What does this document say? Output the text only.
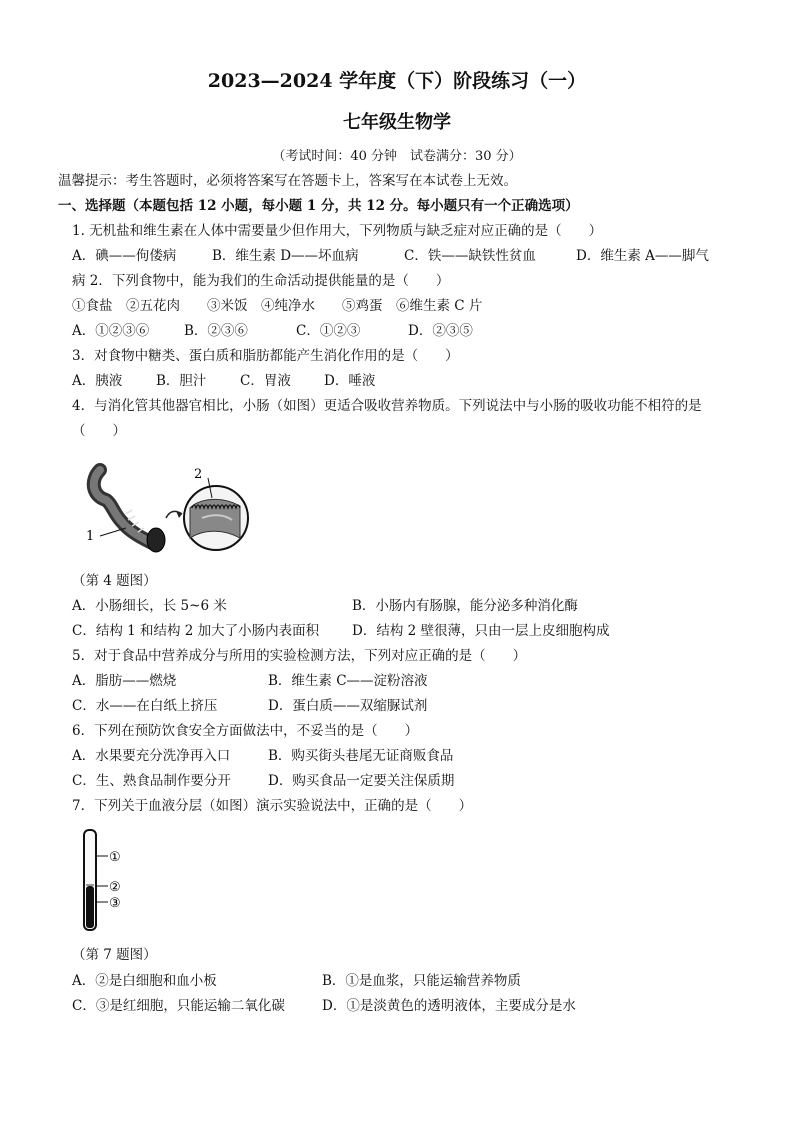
2023—2024 学年度（下）阶段练习（一）
七年级生物学
（考试时间：40 分钟　试卷满分：30 分）
温馨提示：考生答题时，必须将答案写在答题卡上，答案写在本试卷上无效。
一、选择题（本题包括 12 小题，每小题 1 分，共 12 分。每小题只有一个正确选项）
1. 无机盐和维生素在人体中需要量少但作用大，下列物质与缺乏症对应正确的是（　　）
A．碘——佝偻病	B．维生素 D——坏血病	C．铁——缺铁性贫血	D．维生素 A——脚气
病 2．下列食物中，能为我们的生命活动提供能量的是（　　）
①食盐　②五花肉　　③米饭　④纯净水　　⑤鸡蛋　⑥维生素 C 片
A．①②③⑥	B．②③⑥	C．①②③	D．②③⑤
3．对食物中糖类、蛋白质和脂肪都能产生消化作用的是（　　）
A．胰液	B．胆汁 C．胃液 D．唾液
4．与消化管其他器官相比，小肠（如图）更适合吸收营养物质。下列说法中与小肠的吸收功能不相符的是
（　　）
2
1
（第 4 题图）
A．小肠细长，长 5~6 米	B．小肠内有肠腺，能分泌多种消化酶
C．结构 1 和结构 2 加大了小肠内表面积 D．结构 2 壁很薄，只由一层上皮细胞构成
5．对于食品中营养成分与所用的实验检测方法，下列对应正确的是（　　）
A．脂肪——燃烧	B．维生素 C——淀粉溶液
C．水——在白纸上挤压	D．蛋白质——双缩脲试剂
6．下列在预防饮食安全方面做法中，不妥当的是（　　）
A．水果要充分洗净再入口	B．购买街头巷尾无证商贩食品
C．生、熟食品制作要分开	D．购买食品一定要关注保质期
7．下列关于血液分层（如图）演示实验说法中，正确的是（　　）
①
②
③
（第 7 题图）
A．②是白细胞和血小板	B．①是血浆，只能运输营养物质
C．③是红细胞，只能运输二氧化碳	D．①是淡黄色的透明液体，主要成分是水
